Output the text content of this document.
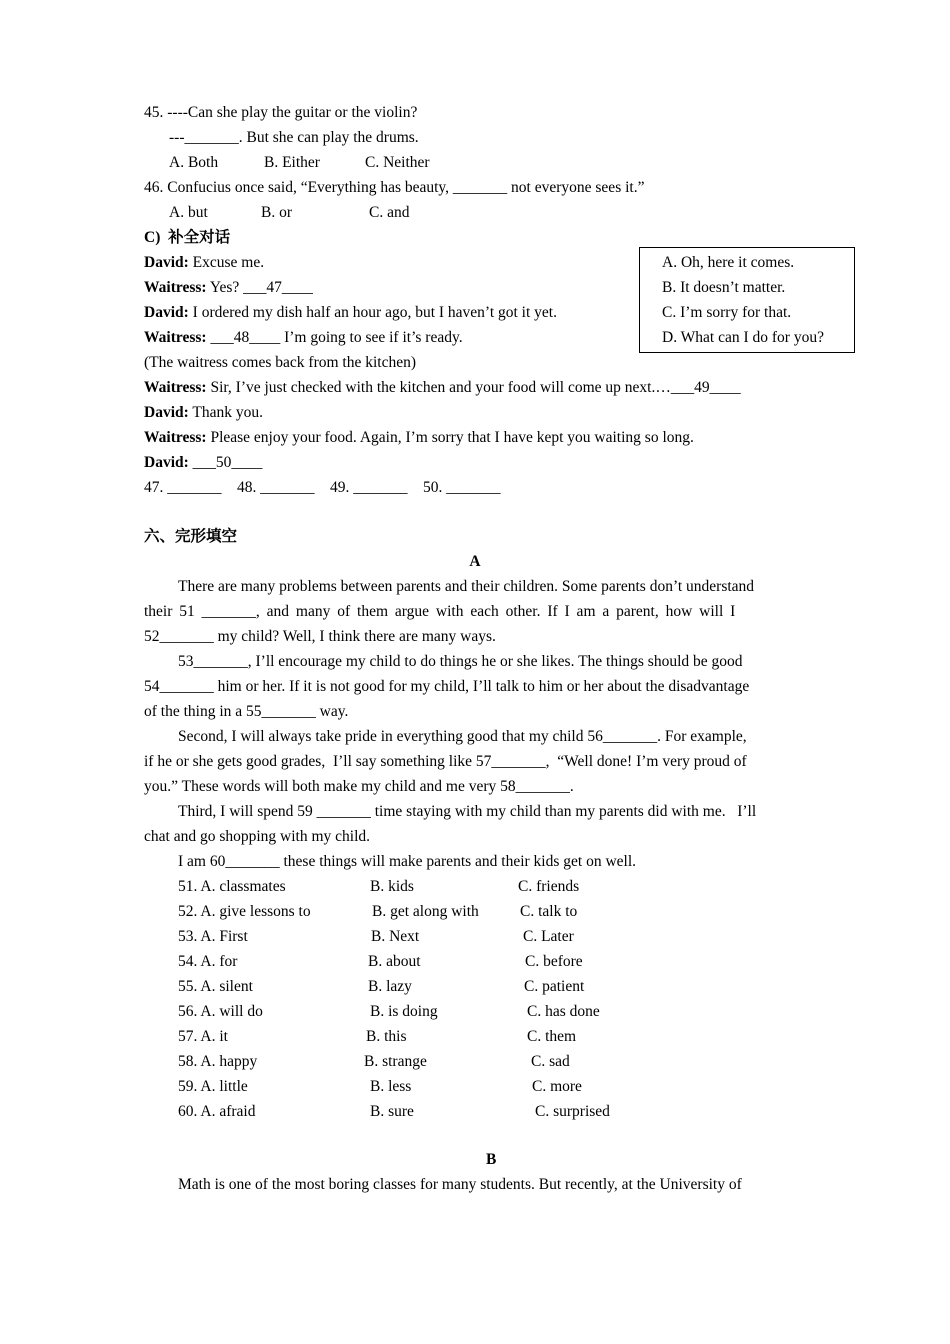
45. ----Can she play the guitar or the violin?
---_______. But she can play the drums.
A. Both	B. Either	C. Neither
46. Confucius once said, “Everything has beauty, _______ not everyone sees it.”
A. but	B. or	C. and
C)  补全对话
David: Excuse me.
Waitress: Yes? ___47____
David: I ordered my dish half an hour ago, but I haven’t got it yet.
Waitress: ___48____ I’m going to see if it’s ready.
(The waitress comes back from the kitchen)
Waitress: Sir, I’ve just checked with the kitchen and your food will come up next.…___49____
David: Thank you.
Waitress: Please enjoy your food. Again, I’m sorry that I have kept you waiting so long.
David: ___50____
47. _______    48. _______    49. _______    50. _______
A. Oh, here it comes.
B. It doesn’t matter.
C. I’m sorry for that.
D. What can I do for you?
六、完形填空
A
There are many problems between parents and their children. Some parents don’t understand
their 51 _______, and many of them argue with each other. If I am a parent, how will I
52_______ my child? Well, I think there are many ways.
53_______, I’ll encourage my child to do things he or she likes. The things should be good
54_______ him or her. If it is not good for my child, I’ll talk to him or her about the disadvantage
of the thing in a 55_______ way.
Second, I will always take pride in everything good that my child 56_______. For example,
if he or she gets good grades,  I’ll say something like 57_______,  “Well done! I’m very proud of
you.” These words will both make my child and me very 58_______.
Third, I will spend 59 _______ time staying with my child than my parents did with me.   I’ll
chat and go shopping with my child.
I am 60_______ these things will make parents and their kids get on well.
51. A. classmates	B. kids	C. friends
52. A. give lessons to	B. get along with	C. talk to
53. A. First	B. Next	C. Later
54. A. for	B. about	C. before
55. A. silent	B. lazy	C. patient
56. A. will do	B. is doing	C. has done
57. A. it	B. this	C. them
58. A. happy	B. strange	C. sad
59. A. little	B. less	C. more
60. A. afraid	B. sure	C. surprised
B
Math is one of the most boring classes for many students. But recently, at the University of
